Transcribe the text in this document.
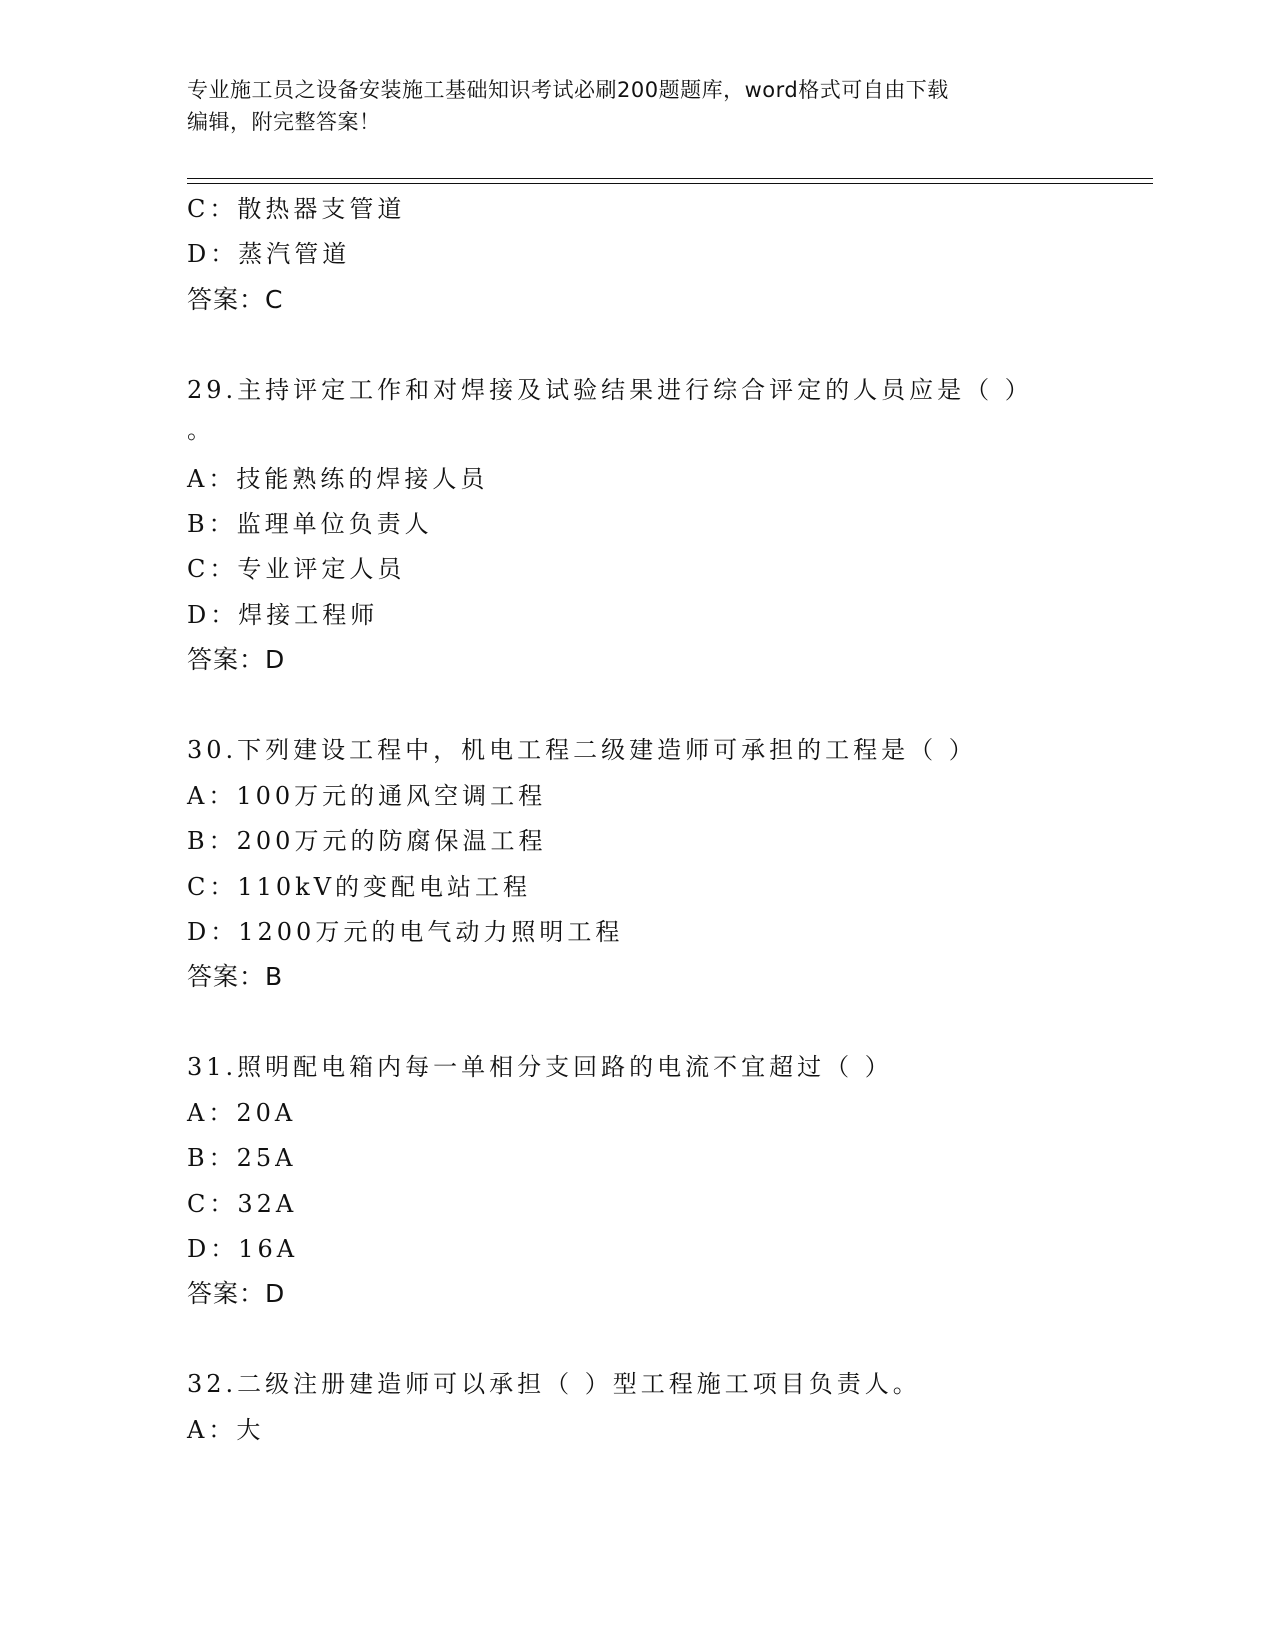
专业施工员之设备安装施工基础知识考试必刷200题题库，word格式可自由下载
编辑，附完整答案！
C：散热器支管道
D：蒸汽管道
答案：C
29.主持评定工作和对焊接及试验结果进行综合评定的人员应是（ ）
。
A：技能熟练的焊接人员
B：监理单位负责人
C：专业评定人员
D：焊接工程师
答案：D
30.下列建设工程中，机电工程二级建造师可承担的工程是（ ）
A：100万元的通风空调工程
B：200万元的防腐保温工程
C：110kV的变配电站工程
D：1200万元的电气动力照明工程
答案：B
31.照明配电箱内每一单相分支回路的电流不宜超过（ ）
A：20A
B：25A
C：32A
D：16A
答案：D
32.二级注册建造师可以承担（ ）型工程施工项目负责人。
A：大
